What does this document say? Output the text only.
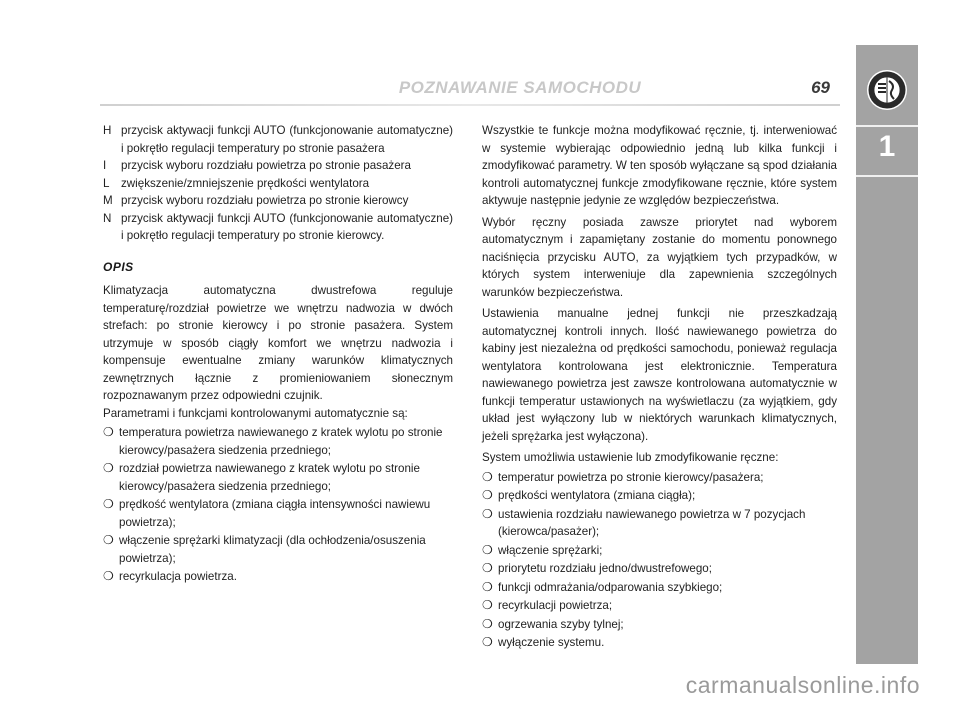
POZNAWANIE SAMOCHODU	69
1
H przycisk aktywacji funkcji AUTO (funkcjonowanie automatyczne) i pokrętło regulacji temperatury po stronie pasażera
I	przycisk wyboru rozdziału powietrza po stronie pasażera
L zwiększenie/zmniejszenie prędkości wentylatora
M przycisk wyboru rozdziału powietrza po stronie kierowcy
N przycisk aktywacji funkcji AUTO (funkcjonowanie automatyczne) i pokrętło regulacji temperatury po stronie kierowcy.
OPIS

Klimatyzacja automatyczna dwustrefowa reguluje temperaturę/rozdział powietrze we wnętrzu nadwozia w dwóch strefach: po stronie kierowcy i po stronie pasażera. System utrzymuje w sposób ciągły komfort we wnętrzu nadwozia i kompensuje ewentualne zmiany warunków klimatycznych zewnętrznych łącznie z promieniowaniem słonecznym rozpoznawanym przez odpowiedni czujnik.

Parametrami i funkcjami kontrolowanymi automatycznie są:

❍ temperatura powietrza nawiewanego z kratek wylotu po stronie kierowcy/pasażera siedzenia przedniego;
❍ rozdział powietrza nawiewanego z kratek wylotu po stronie kierowcy/pasażera siedzenia przedniego;
❍ prędkość wentylatora (zmiana ciągła intensywności nawiewu powietrza);
❍ włączenie sprężarki klimatyzacji (dla ochłodzenia/osuszenia powietrza);
❍ recyrkulacja powietrza.

Wszystkie te funkcje można modyfikować ręcznie, tj. interweniować w systemie wybierając odpowiednio jedną lub kilka funkcji i zmodyfikować parametry. W ten sposób wyłączane są spod działania kontroli automatycznej funkcje zmodyfikowane ręcznie, które system aktywuje następnie jedynie ze względów bezpieczeństwa.

Wybór ręczny posiada zawsze priorytet nad wyborem automatycznym i zapamiętany zostanie do momentu ponownego naciśnięcia przycisku AUTO, za wyjątkiem tych przypadków, w których system interweniuje dla zapewnienia szczególnych warunków bezpieczeństwa.

Ustawienia manualne jednej funkcji nie przeszkadzają automatycznej kontroli innych. Ilość nawiewanego powietrza do kabiny jest niezależna od prędkości samochodu, ponieważ regulacja wentylatora kontrolowana jest elektronicznie. Temperatura nawiewanego powietrza jest zawsze kontrolowana automatycznie w funkcji temperatur ustawionych na wyświetlaczu (za wyjątkiem, gdy układ jest wyłączony lub w niektórych warunkach klimatycznych, jeżeli sprężarka jest wyłączona).

System umożliwia ustawienie lub zmodyfikowanie ręczne:

❍ temperatur powietrza po stronie kierowcy/pasażera;
❍ prędkości wentylatora (zmiana ciągła);
❍ ustawienia rozdziału nawiewanego powietrza w 7 pozycjach (kierowca/pasażer);
❍ włączenie sprężarki;
❍ priorytetu rozdziału jedno/dwustrefowego;
❍ funkcji odmrażania/odparowania szybkiego;
❍ recyrkulacji powietrza;
❍ ogrzewania szyby tylnej;
❍ wyłączenie systemu.
carmanualsonline.info
